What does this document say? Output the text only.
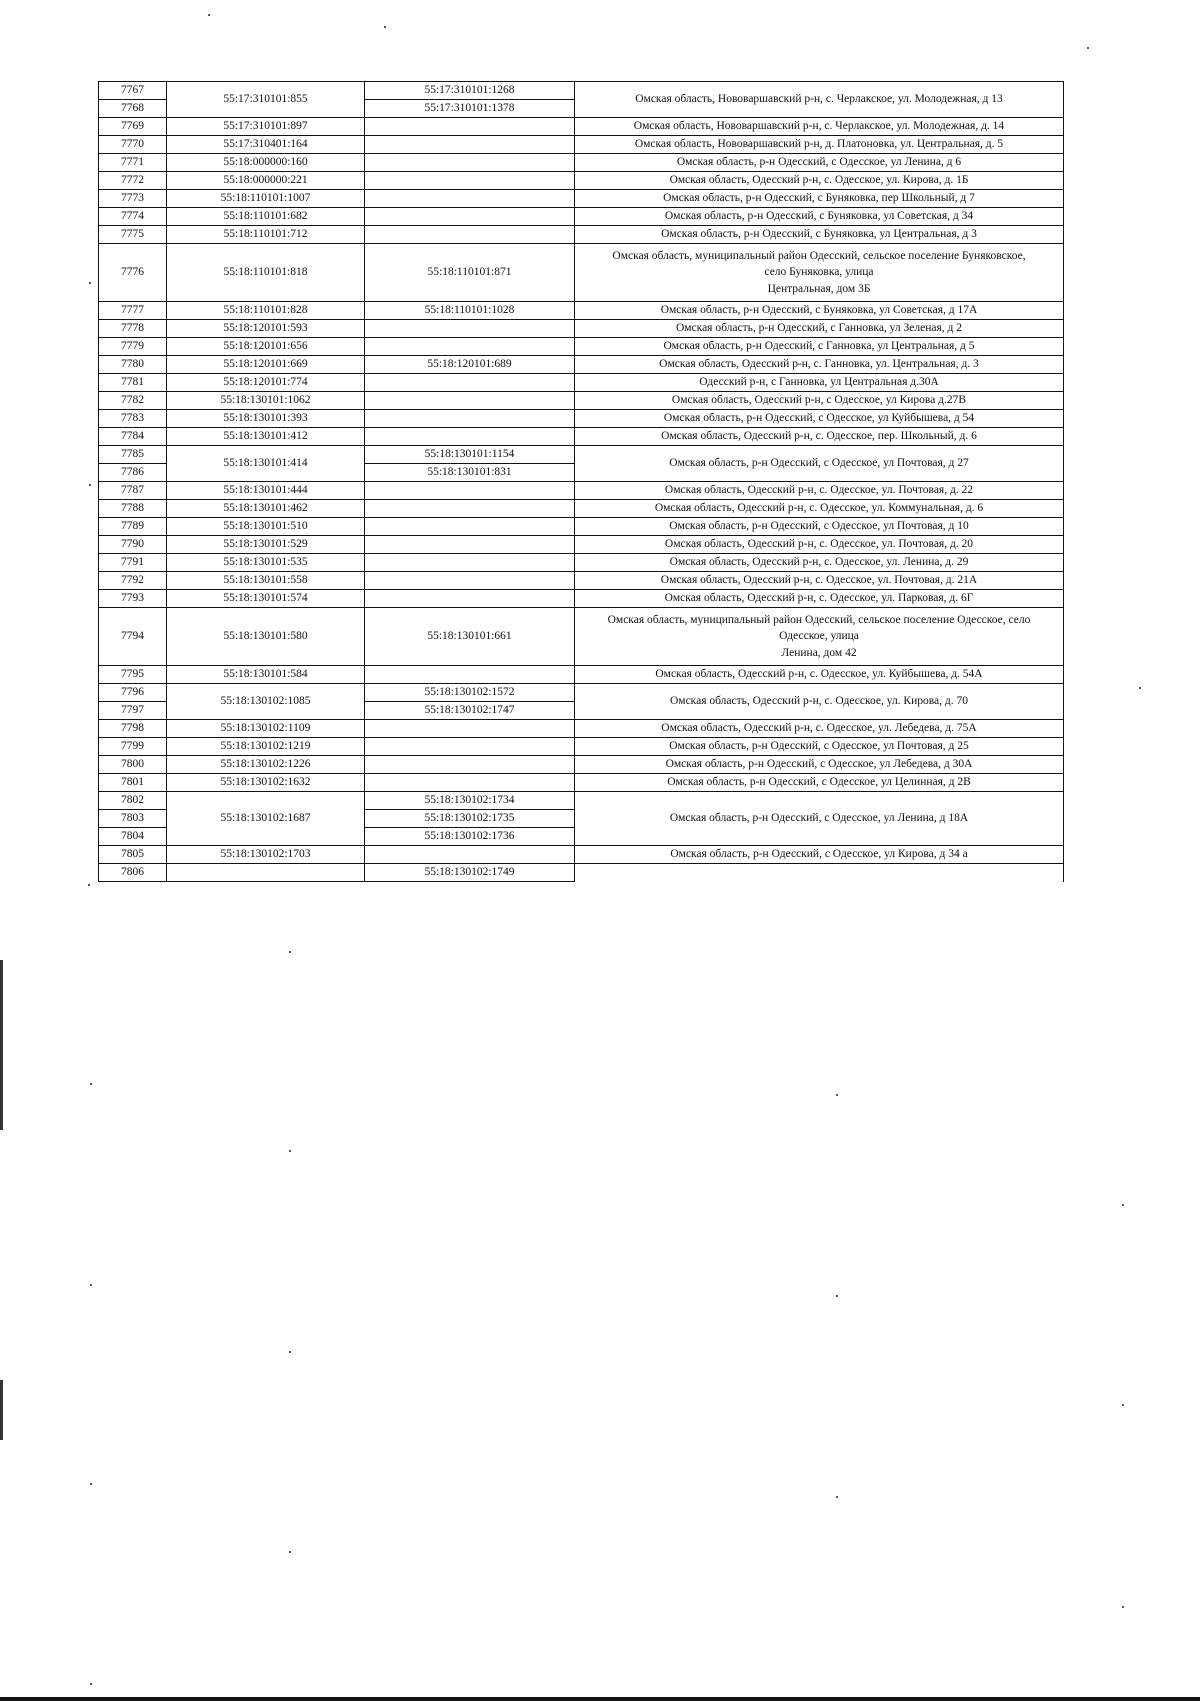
7767	55:17:310101:855	55:17:310101:1268	Омская область, Нововаршавский р-н, с. Черлакское, ул. Молодежная, д 13
7768		55:17:310101:1378	
7769	55:17:310101:897		Омская область, Нововаршавский р-н, с. Черлакское, ул. Молодежная, д. 14
7770	55:17:310401:164		Омская область, Нововаршавский р-н, д. Платоновка, ул. Центральная, д. 5
7771	55:18:000000:160		Омская область, р-н Одесский, с Одесское, ул Ленина, д 6
7772	55:18:000000:221		Омская область, Одесский р-н, с. Одесское, ул. Кирова, д. 1Б
7773	55:18:110101:1007		Омская область, р-н Одесский, с Буняковка, пер Школьный, д 7
7774	55:18:110101:682		Омская область, р-н Одесский, с Буняковка, ул Советская, д 34
7775	55:18:110101:712		Омская область, р-н Одесский, с Буняковка, ул Центральная, д 3
7776	55:18:110101:818	55:18:110101:871	Омская область, муниципальный район Одесский, сельское поселение Буняковское,
село Буняковка, улица
Центральная, дом 3Б

7777	55:18:110101:828	55:18:110101:1028	Омская область, р-н Одесский, с Буняковка, ул Советская, д 17А
7778	55:18:120101:593		Омская область, р-н Одесский, с Ганновка, ул Зеленая, д 2
7779	55:18:120101:656		Омская область, р-н Одесский, с Ганновка, ул Центральная, д 5
7780	55:18:120101:669	55:18:120101:689	Омская область, Одесский р-н, с. Ганновка, ул. Центральная, д. 3
7781	55:18:120101:774		Одесский р-н, с Ганновка, ул Центральная д.30А
7782	55:18:130101:1062		Омская область, Одесский р-н, с Одесское, ул Кирова д.27В
7783	55:18:130101:393		Омская область, р-н Одесский, с Одесское, ул Куйбышева, д 54
7784	55:18:130101:412		Омская область, Одесский р-н, с. Одесское, пер. Школьный, д. 6
7785	55:18:130101:414	55:18:130101:1154	Омская область, р-н Одесский, с Одесское, ул Почтовая, д 27
7786		55:18:130101:831	
7787	55:18:130101:444		Омская область, Одесский р-н, с. Одесское, ул. Почтовая, д. 22
7788	55:18:130101:462		Омская область, Одесский р-н, с. Одесское, ул. Коммунальная, д. 6
7789	55:18:130101:510		Омская область, р-н Одесский, с Одесское, ул Почтовая, д 10
7790	55:18:130101:529		Омская область, Одесский р-н, с. Одесское, ул. Почтовая, д. 20
7791	55:18:130101:535		Омская область, Одесский р-н, с. Одесское, ул. Ленина, д. 29
7792	55:18:130101:558		Омская область, Одесский р-н, с. Одесское, ул. Почтовая, д. 21А
7793	55:18:130101:574		Омская область, Одесский р-н, с. Одесское, ул. Парковая, д. 6Г
7794	55:18:130101:580	55:18:130101:661	Омская область, муниципальный район Одесский, сельское поселение Одесское, село
Одесское, улица
Ленина, дом 42

7795	55:18:130101:584		Омская область, Одесский р-н, с. Одесское, ул. Куйбышева, д. 54А
7796	55:18:130102:1085	55:18:130102:1572	Омская область, Одесский р-н, с. Одесское, ул. Кирова, д. 70
7797		55:18:130102:1747	
7798	55:18:130102:1109		Омская область, Одесский р-н, с. Одесское, ул. Лебедева, д. 75А
7799	55:18:130102:1219		Омская область, р-н Одесский, с Одесское, ул Почтовая, д 25
7800	55:18:130102:1226		Омская область, р-н Одесский, с Одесское, ул Лебедева, д 30А
7801	55:18:130102:1632		Омская область, р-н Одесский, с Одесское, ул Целинная, д 2В
7802	55:18:130102:1687	55:18:130102:1734	Омская область, р-н Одесский, с Одесское, ул Ленина, д 18А
7803		55:18:130102:1735	
7804		55:18:130102:1736	
7805	55:18:130102:1703		Омская область, р-н Одесский, с Одесское, ул Кирова, д 34 а
7806		55:18:130102:1749	
